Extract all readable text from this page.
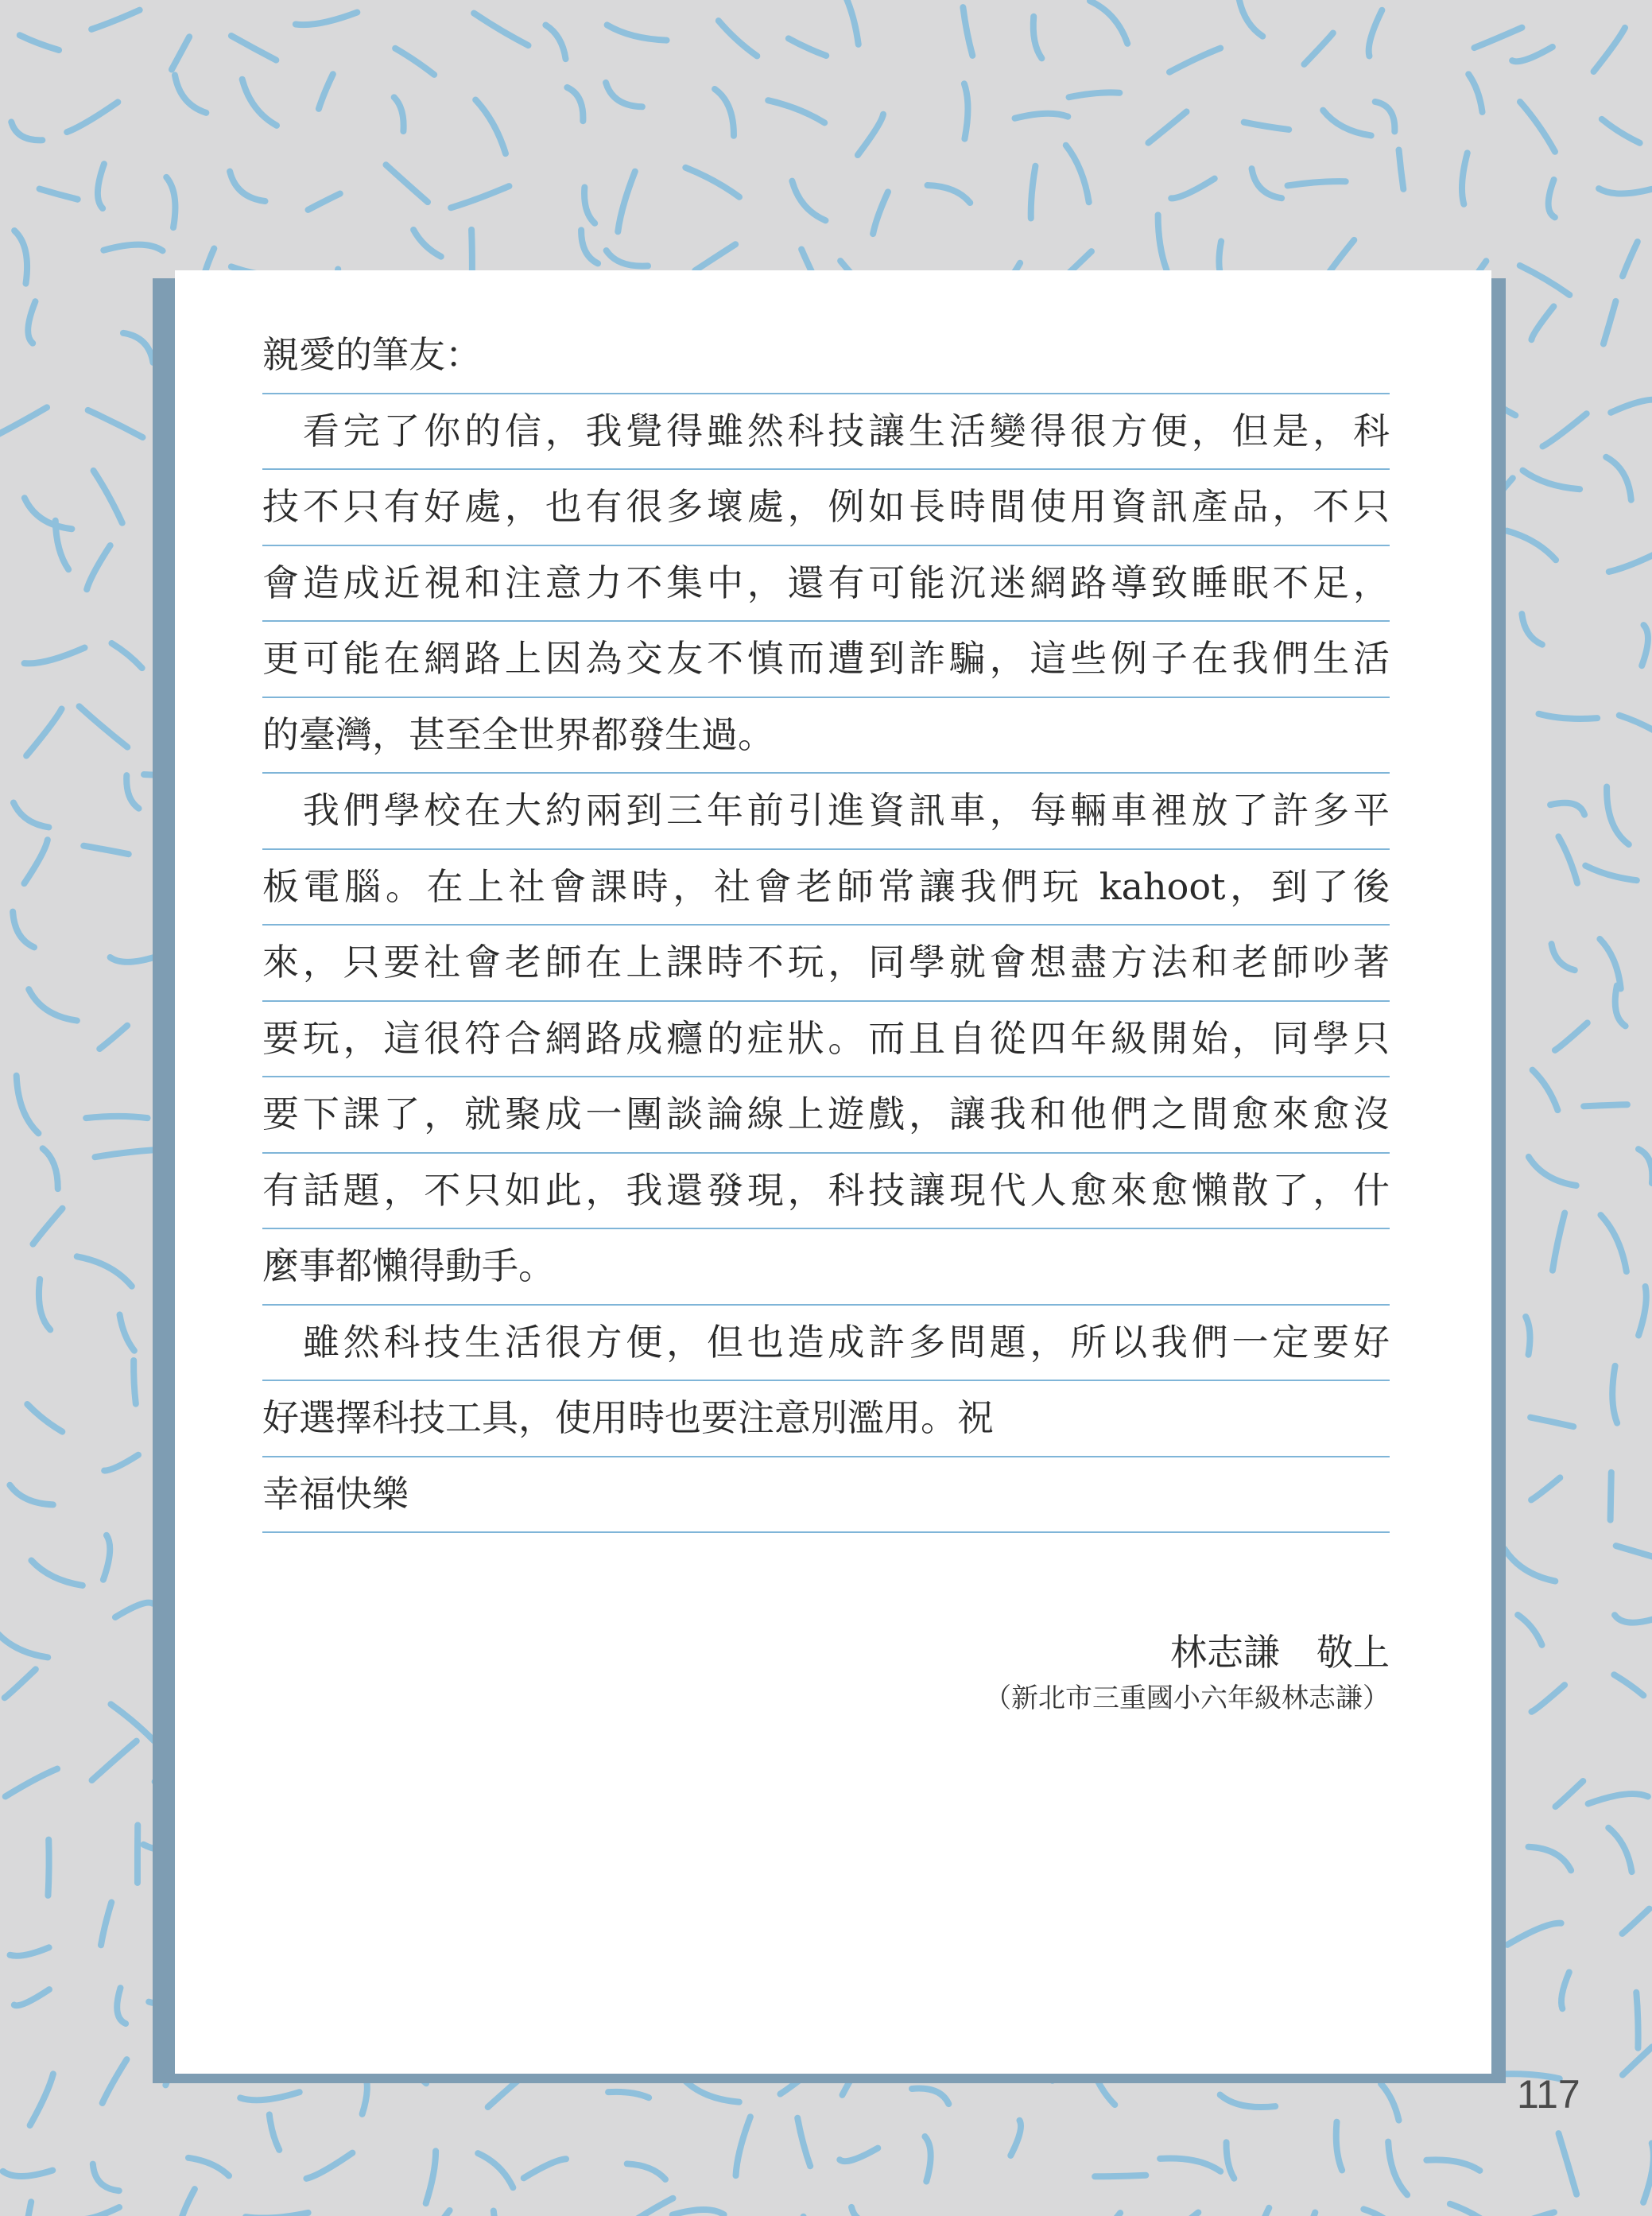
親愛的筆友：
　看完了你的信，我覺得雖然科技讓生活變得很方便，但是，科
技不只有好處，也有很多壞處，例如長時間使用資訊產品，不只
會造成近視和注意力不集中，還有可能沉迷網路導致睡眠不足，
更可能在網路上因為交友不慎而遭到詐騙，這些例子在我們生活
的臺灣，甚至全世界都發生過。
　我們學校在大約兩到三年前引進資訊車，每輛車裡放了許多平
板電腦。在上社會課時，社會老師常讓我們玩 kahoot，到了後
來，只要社會老師在上課時不玩，同學就會想盡方法和老師吵著
要玩，這很符合網路成癮的症狀。而且自從四年級開始，同學只
要下課了，就聚成一團談論線上遊戲，讓我和他們之間愈來愈沒
有話題，不只如此，我還發現，科技讓現代人愈來愈懶散了，什
麼事都懶得動手。
　雖然科技生活很方便，但也造成許多問題，所以我們一定要好
好選擇科技工具，使用時也要注意別濫用。祝
幸福快樂
林志謙　敬上
（新北市三重國小六年級林志謙）
117
